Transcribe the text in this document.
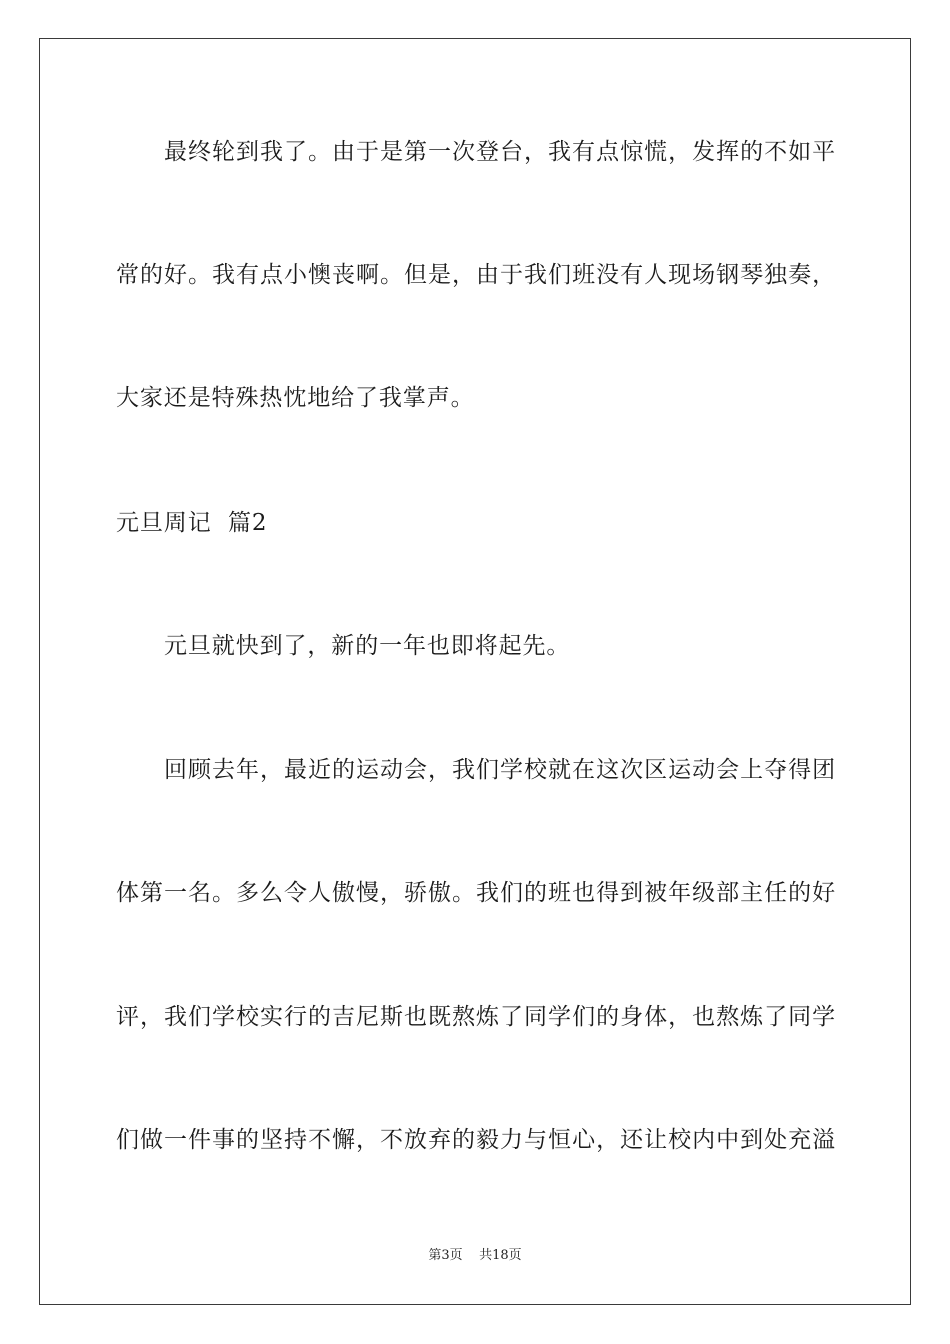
最终轮到我了。由于是第一次登台，我有点惊慌，发挥的不如平
常的好。我有点小懊丧啊。但是，由于我们班没有人现场钢琴独奏，
大家还是特殊热忱地给了我掌声。
元旦周记  篇2
元旦就快到了，新的一年也即将起先。
回顾去年，最近的运动会，我们学校就在这次区运动会上夺得团
体第一名。多么令人傲慢，骄傲。我们的班也得到被年级部主任的好
评，我们学校实行的吉尼斯也既熬炼了同学们的身体，也熬炼了同学
们做一件事的坚持不懈，不放弃的毅力与恒心，还让校内中到处充溢
第3页    共18页
